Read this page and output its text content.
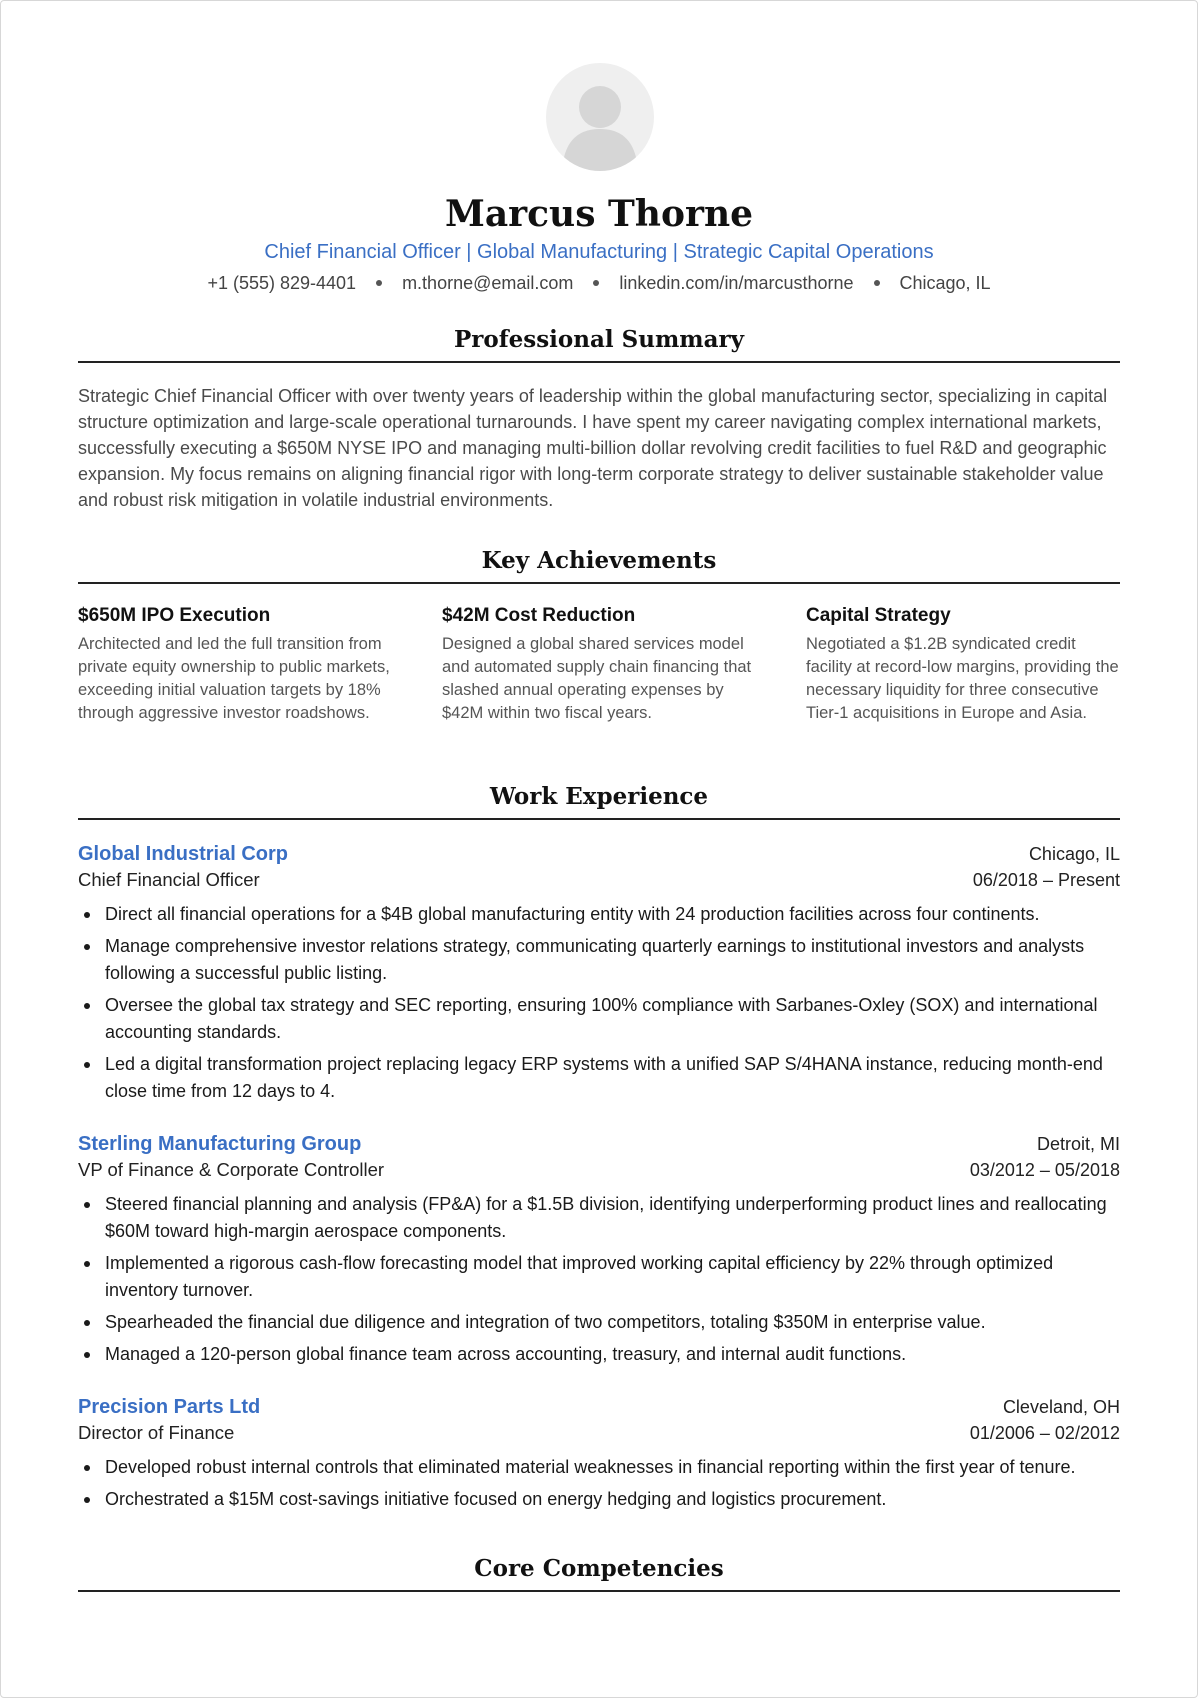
Marcus Thorne
Chief Financial Officer | Global Manufacturing | Strategic Capital Operations
+1 (555) 829-4401	m.thorne@email.com	linkedin.com/in/marcusthorne	Chicago, IL
Professional Summary

Strategic Chief Financial Officer with over twenty years of leadership within the global manufacturing sector, specializing in capital structure optimization and large-scale operational turnarounds. I have spent my career navigating complex international markets, successfully executing a $650M NYSE IPO and managing multi-billion dollar revolving credit facilities to fuel R&D and geographic expansion. My focus remains on aligning financial rigor with long-term corporate strategy to deliver sustainable stakeholder value and robust risk mitigation in volatile industrial environments.

Key Achievements
$650M IPO Execution

Architected and led the full transition from private equity ownership to public markets, exceeding initial valuation targets by 18% through aggressive investor roadshows.

$42M Cost Reduction

Designed a global shared services model and automated supply chain financing that slashed annual operating expenses by $42M within two fiscal years.

Capital Strategy

Negotiated a $1.2B syndicated credit facility at record-low margins, providing the necessary liquidity for three consecutive Tier-1 acquisitions in Europe and Asia.

Work Experience
Global Industrial Corp	Chicago, IL
Chief Financial Officer	06/2018 – Present
Direct all financial operations for a $4B global manufacturing entity with 24 production facilities across four continents.
Manage comprehensive investor relations strategy, communicating quarterly earnings to institutional investors and analysts following a successful public listing.
Oversee the global tax strategy and SEC reporting, ensuring 100% compliance with Sarbanes-Oxley (SOX) and international accounting standards.
Led a digital transformation project replacing legacy ERP systems with a unified SAP S/4HANA instance, reducing month-end close time from 12 days to 4.
Sterling Manufacturing Group	Detroit, MI
VP of Finance & Corporate Controller	03/2012 – 05/2018
Steered financial planning and analysis (FP&A) for a $1.5B division, identifying underperforming product lines and reallocating $60M toward high-margin aerospace components.
Implemented a rigorous cash-flow forecasting model that improved working capital efficiency by 22% through optimized inventory turnover.
Spearheaded the financial due diligence and integration of two competitors, totaling $350M in enterprise value.
Managed a 120-person global finance team across accounting, treasury, and internal audit functions.
Precision Parts Ltd	Cleveland, OH
Director of Finance	01/2006 – 02/2012
Developed robust internal controls that eliminated material weaknesses in financial reporting within the first year of tenure.
Orchestrated a $15M cost-savings initiative focused on energy hedging and logistics procurement.
Core Competencies
